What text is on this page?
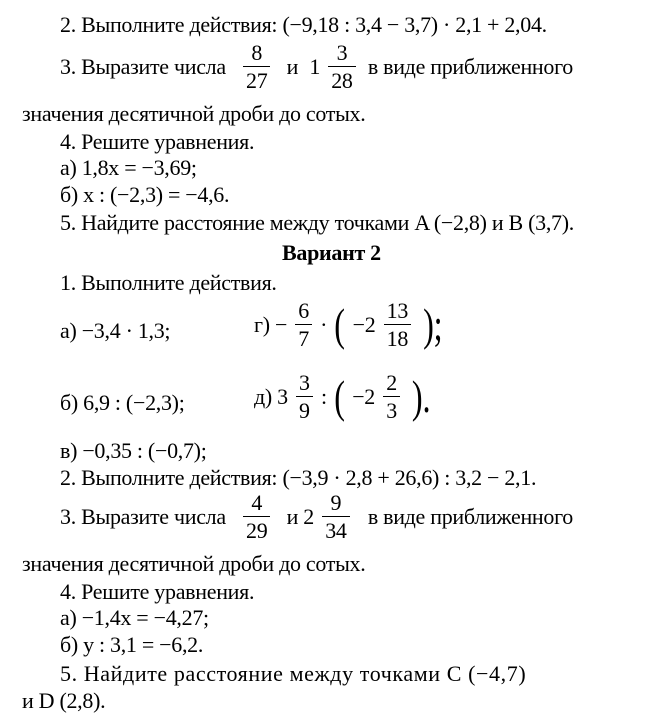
2. Выполните действия: (−9,18 : 3,4 − 3,7) · 2,1 + 2,04.
3. Выразите числа $\frac{8}{27}$ и $1 \frac{3}{28}$ в виде приближенного
значения десятичной дроби до сотых.
4. Решите уравнения.
а) 1,8x = −3,69;
б) x : (−2,3) = −4,6.
5. Найдите расстояние между точками A (−2,8) и B (3,7).
Вариант 2
1. Выполните действия.
а) −3,4 · 1,3;	$г) - \frac{6}{7}$ · ( $-2 \frac{13}{18}$ );
б) 6,9 : (−2,3);	д) $3 \frac{3}{9}$ : ( $-2 \frac{2}{3}$ ).
в) −0,35 : (−0,7);
2. Выполните действия: (−3,9 · 2,8 + 26,6) : 3,2 − 2,1.
3. Выразите числа $\frac{4}{29}$ и $2 \frac{9}{34}$ в виде приближенного
значения десятичной дроби до сотых.
4. Решите уравнения.
а) −1,4x = −4,27;
б) y : 3,1 = −6,2.
5. Найдите расстояние между точками C (−4,7)
и D (2,8).
